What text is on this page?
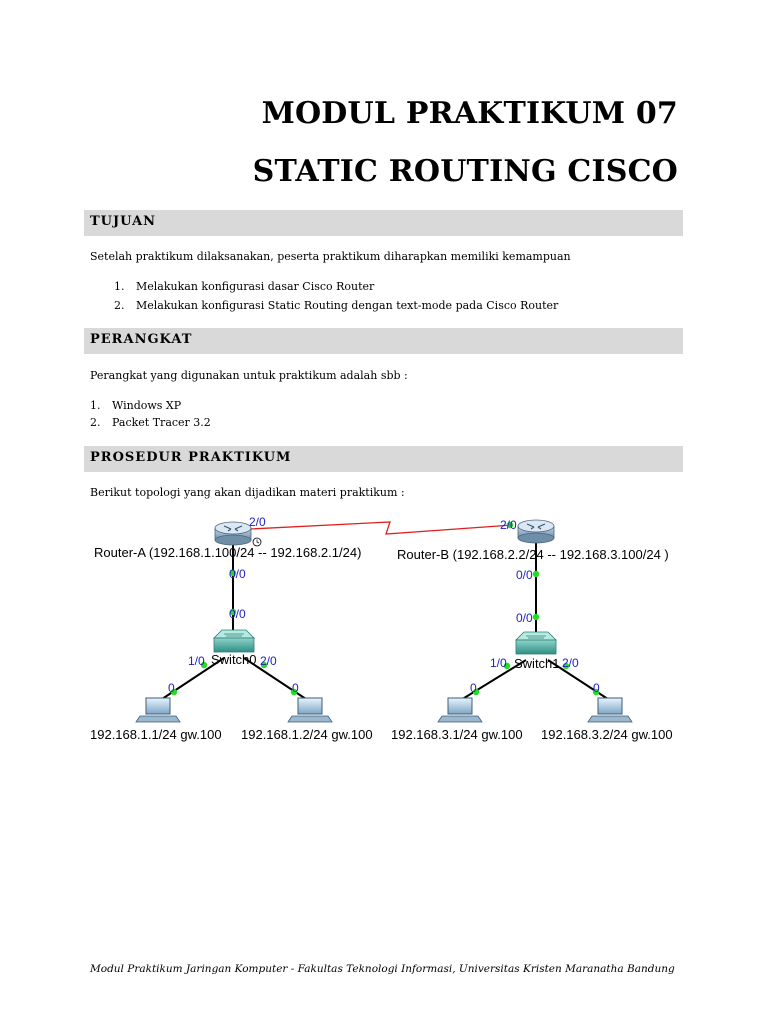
MODUL PRAKTIKUM 07
STATIC ROUTING CISCO
TUJUAN
Setelah praktikum dilaksanakan, peserta praktikum diharapkan memiliki kemampuan
1. Melakukan konfigurasi dasar Cisco Router
2. Melakukan konfigurasi Static Routing dengan text-mode pada Cisco Router
PERANGKAT
Perangkat yang digunakan untuk praktikum adalah sbb :
1. Windows XP
2. Packet Tracer 3.2
PROSEDUR PRAKTIKUM
Berikut topologi yang akan dijadikan materi praktikum :
2/0	2/0
0/0
0/0
0/0
0/0
1/0	2/0	1/0	2/0
0	0	0	0
Router-A (192.168.1.100/24 -- 192.168.2.1/24)	Router-B (192.168.2.2/24 -- 192.168.3.100/24 )
Switch0	Switch1
192.168.1.1/24 gw.100 192.168.1.2/24 gw.100 192.168.3.1/24 gw.100 192.168.3.2/24 gw.100
Modul Praktikum Jaringan Komputer - Fakultas Teknologi Informasi, Universitas Kristen Maranatha Bandung
